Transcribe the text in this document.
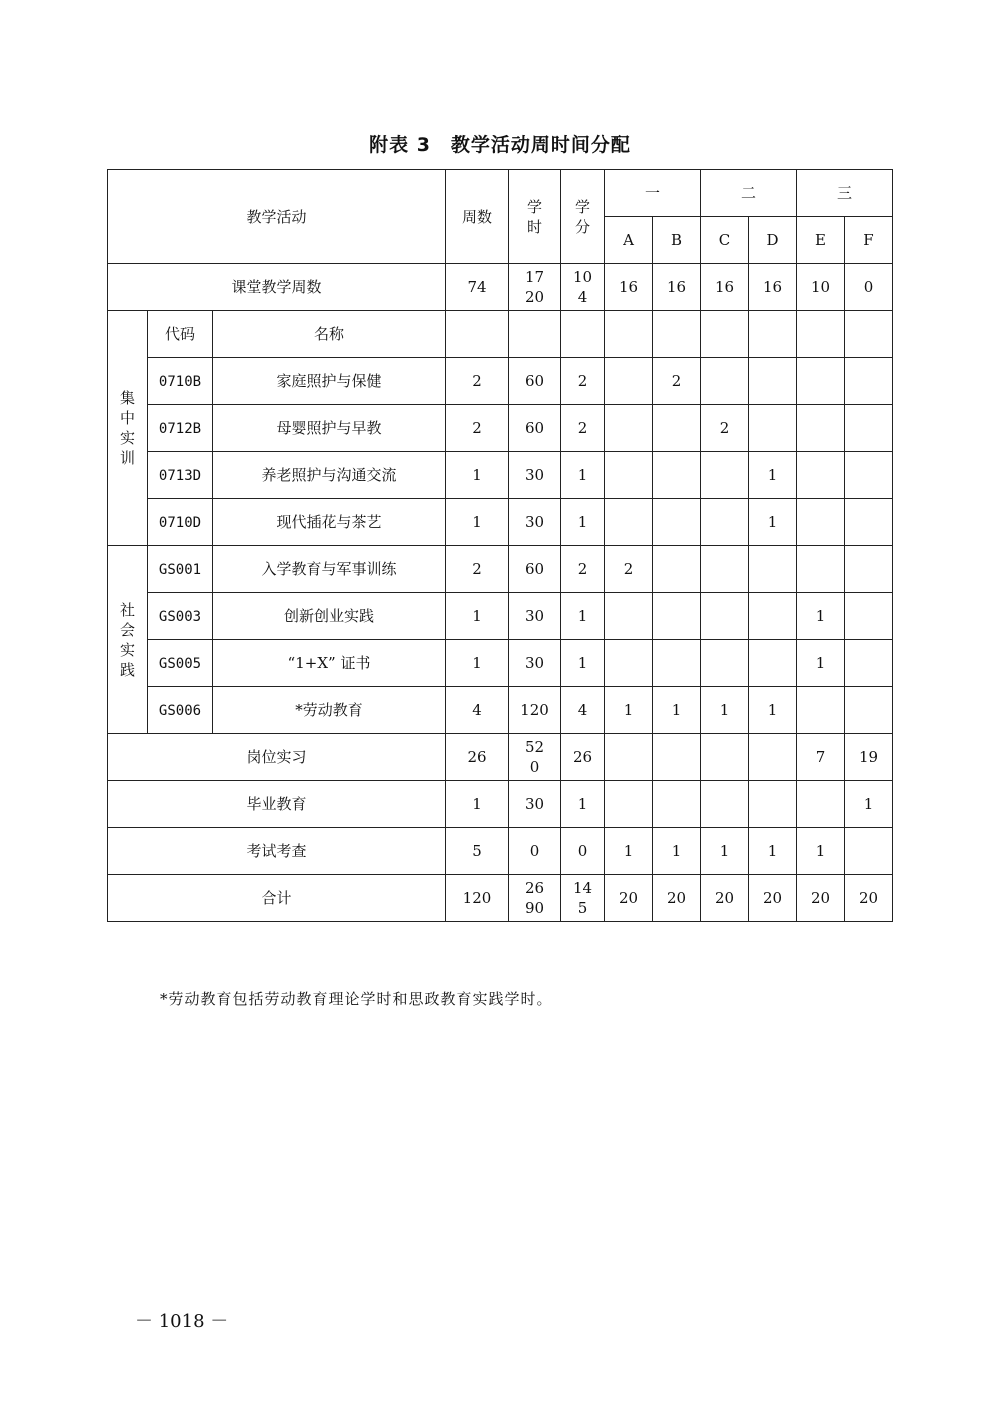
附表 3　教学活动周时间分配
教学活动			周数	学时	学分	一		二		三	
						A	B	C	D	E	F
课堂教学周数			74	1720	104	16	16	16	16	10	0
集中实训	代码	名称									
	0710B	家庭照护与保健	2	60	2		2				
	0712B	母婴照护与早教	2	60	2			2			
	0713D	养老照护与沟通交流	1	30	1				1		
	0710D	现代插花与茶艺	1	30	1				1		
社会实践	GS001	入学教育与军事训练	2	60	2	2					
	GS003	创新创业实践	1	30	1					1	
	GS005	“1+X” 证书	1	30	1					1	
	GS006	*劳动教育	4	120	4	1	1	1	1		
岗位实习			26	520	26					7	19
毕业教育			1	30	1						1
考试考查			5	0	0	1	1	1	1	1	
合计			120	2690	145	20	20	20	20	20	20
*劳动教育包括劳动教育理论学时和思政教育实践学时。
－ 1018 －
